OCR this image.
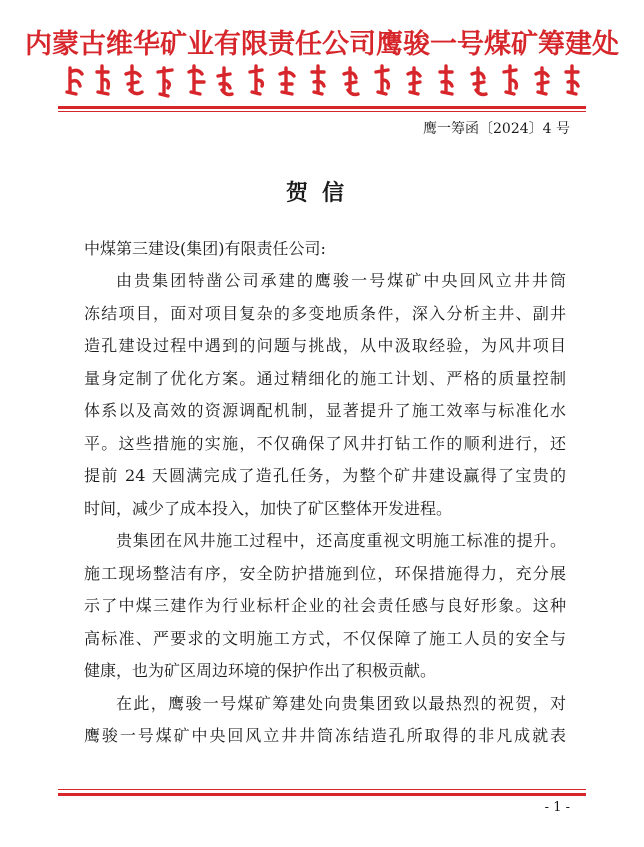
内蒙古维华矿业有限责任公司鹰骏一号煤矿筹建处
鹰一筹函〔2024〕4 号
贺信
中煤第三建设(集团)有限责任公司:
由贵集团特凿公司承建的鹰骏一号煤矿中央回风立井井筒
冻结项目，面对项目复杂的多变地质条件，深入分析主井、副井
造孔建设过程中遇到的问题与挑战，从中汲取经验，为风井项目
量身定制了优化方案。通过精细化的施工计划、严格的质量控制
体系以及高效的资源调配机制，显著提升了施工效率与标准化水
平。这些措施的实施，不仅确保了风井打钻工作的顺利进行，还
提前 24 天圆满完成了造孔任务，为整个矿井建设赢得了宝贵的
时间，减少了成本投入，加快了矿区整体开发进程。
贵集团在风井施工过程中，还高度重视文明施工标准的提升。
施工现场整洁有序，安全防护措施到位，环保措施得力，充分展
示了中煤三建作为行业标杆企业的社会责任感与良好形象。这种
高标准、严要求的文明施工方式，不仅保障了施工人员的安全与
健康，也为矿区周边环境的保护作出了积极贡献。
在此，鹰骏一号煤矿筹建处向贵集团致以最热烈的祝贺，对
鹰骏一号煤矿中央回风立井井筒冻结造孔所取得的非凡成就表
- 1 -
